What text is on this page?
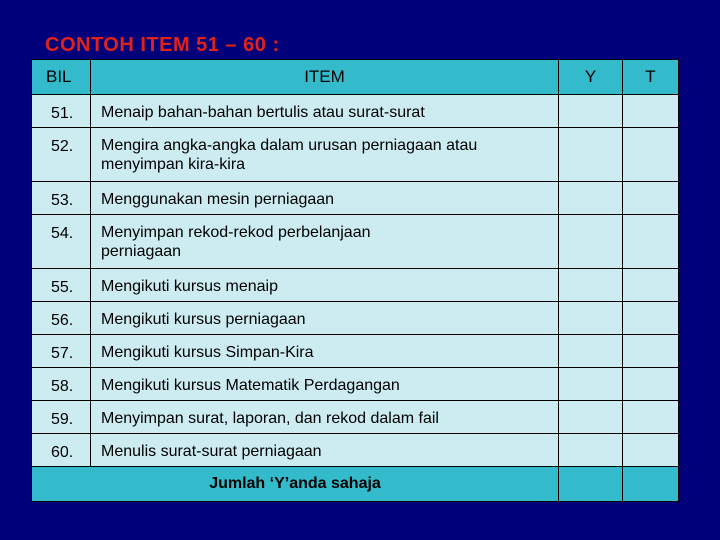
CONTOH ITEM 51 – 60 :
BIL	ITEM	Y	T
51.	Menaip bahan-bahan bertulis atau surat-surat		
52.	Mengira angka-angka dalam urusan perniagaan atau menyimpan kira-kira		
53.	Menggunakan mesin perniagaan		
54.	Menyimpan rekod-rekod perbelanjaan perniagaan		
55.	Mengikuti kursus menaip		
56.	Mengikuti kursus perniagaan		
57.	Mengikuti kursus Simpan-Kira		
58.	Mengikuti kursus Matematik Perdagangan		
59.	Menyimpan surat, laporan, dan rekod dalam fail		
60.	Menulis surat-surat perniagaan		
Jumlah ‘Y’anda sahaja			
